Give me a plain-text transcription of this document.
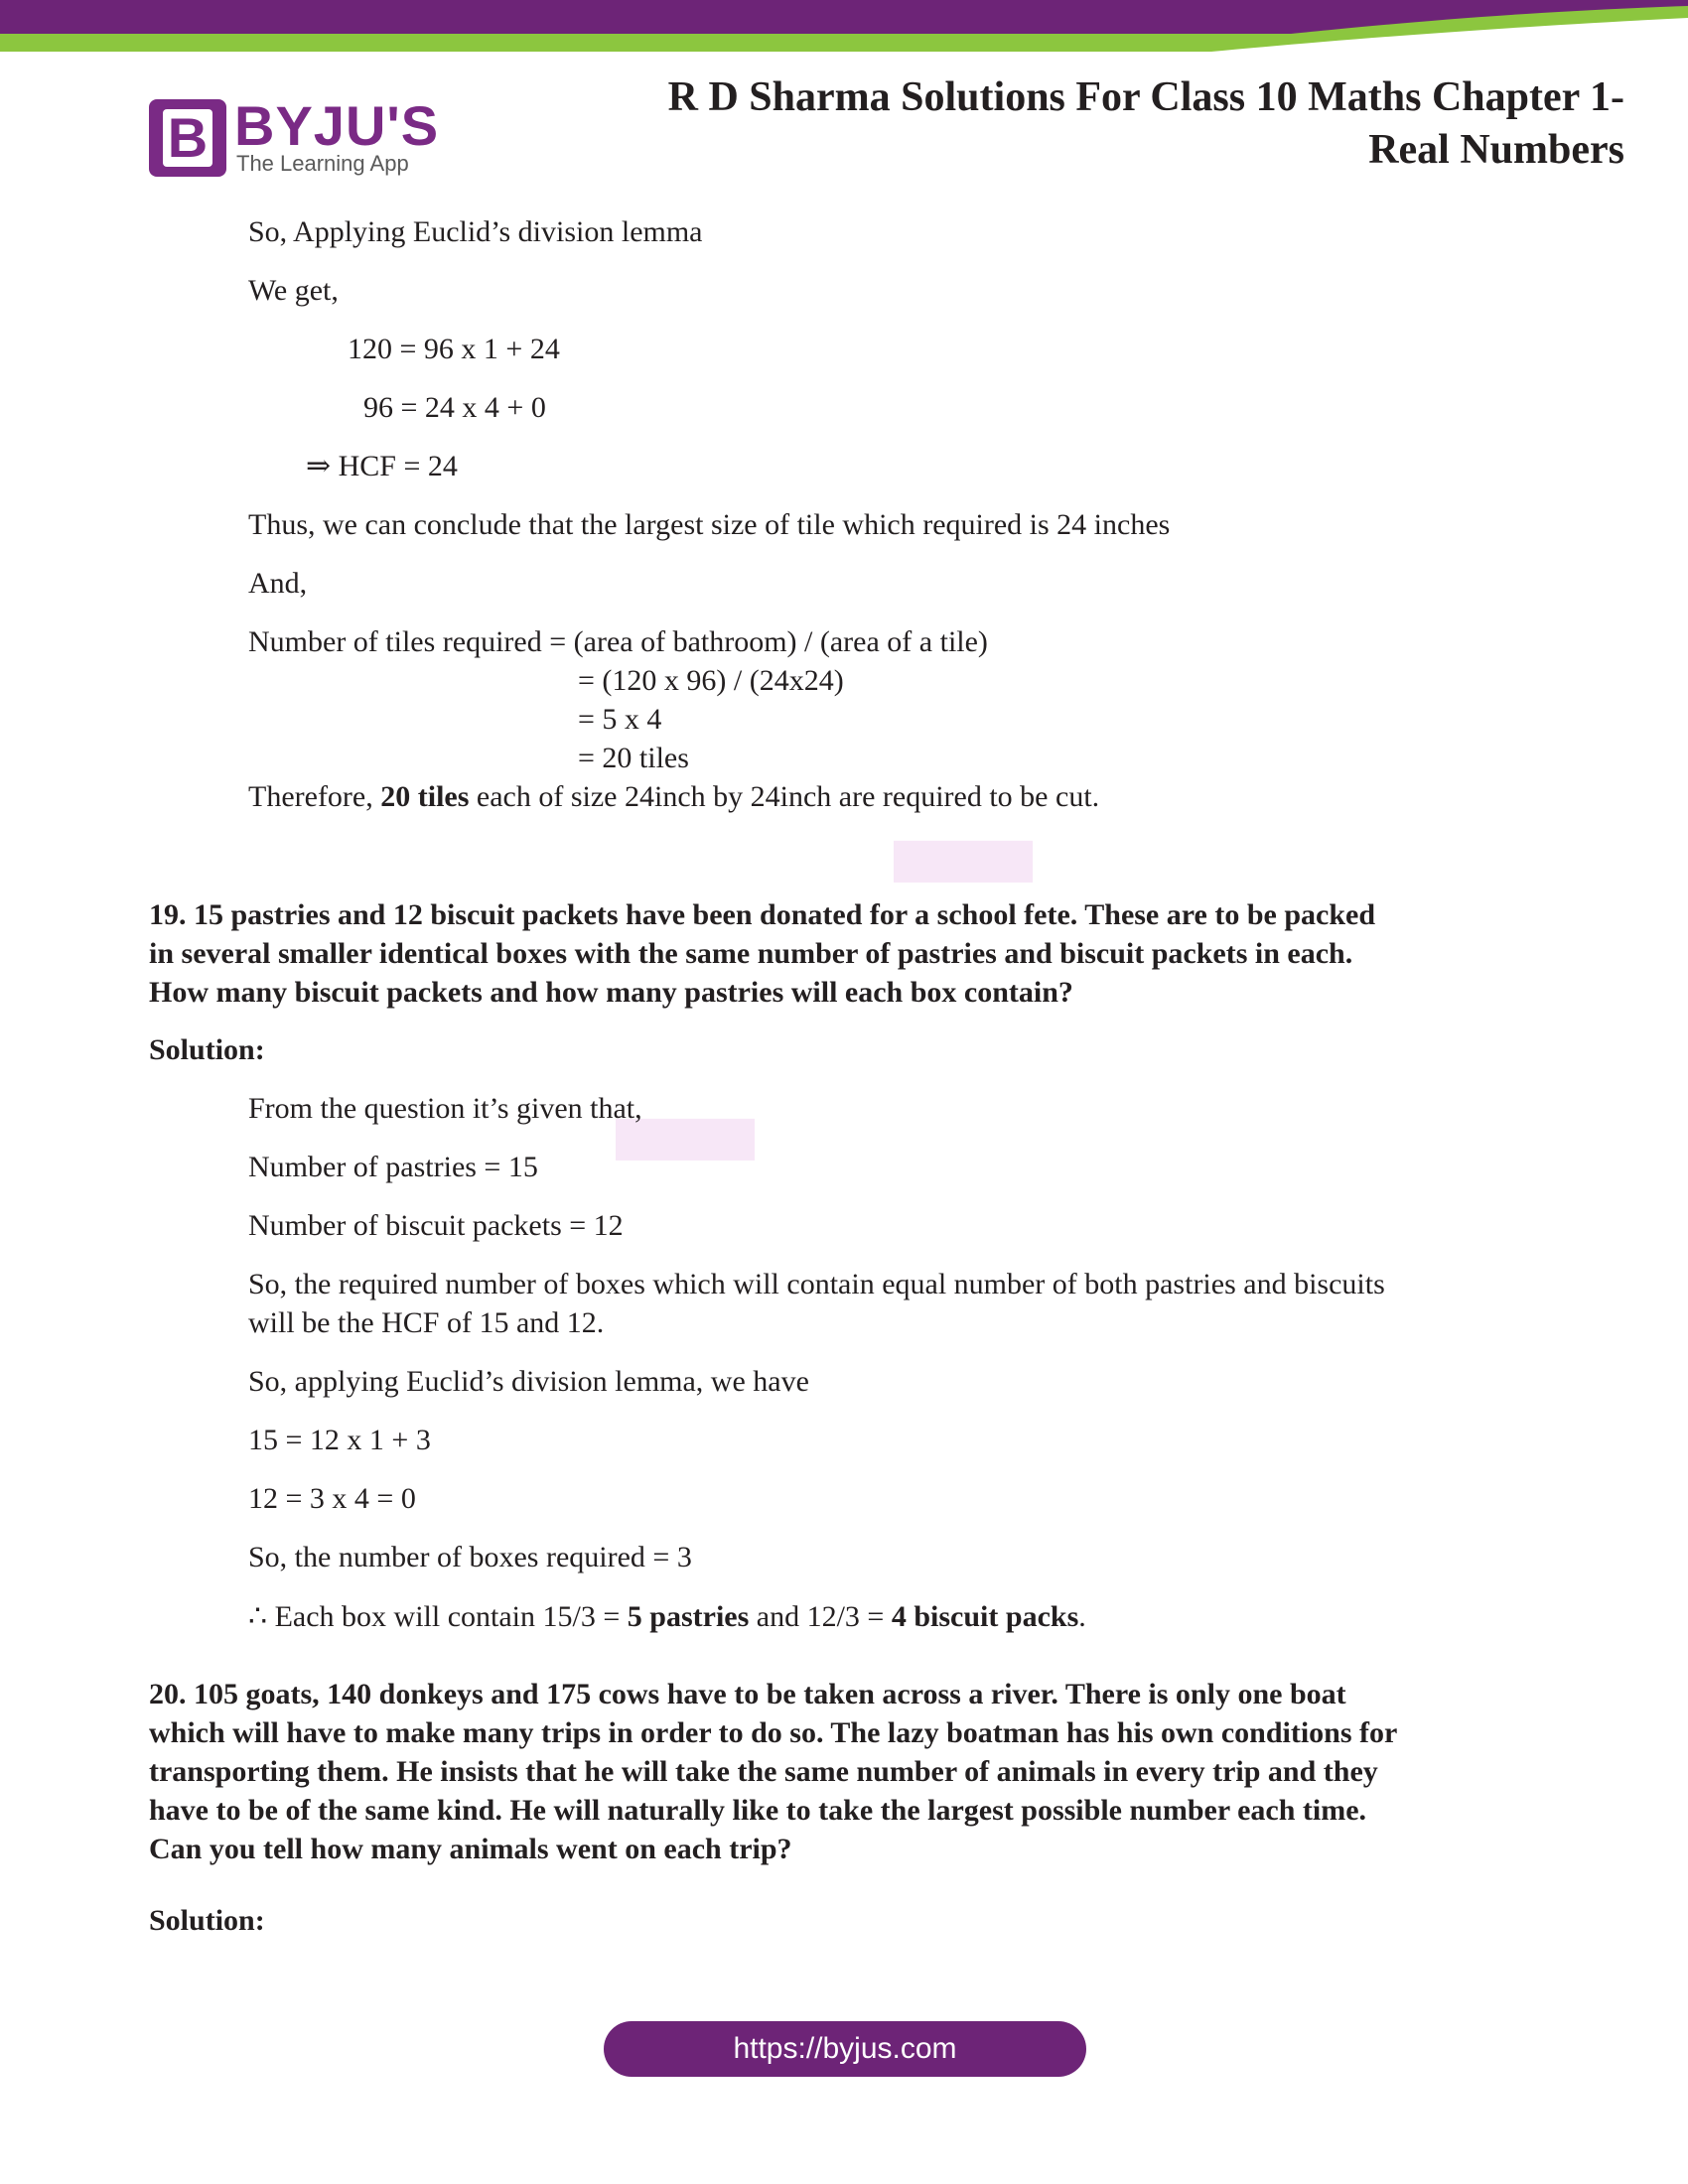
B BYJU'S
The Learning App
R D Sharma Solutions For Class 10 Maths Chapter 1-
Real Numbers
▬
▬

So, Applying Euclid’s division lemma

We get,

120 = 96 x 1 + 24

96 = 24 x 4 + 0

⇒ HCF = 24

Thus, we can conclude that the largest size of tile which required is 24 inches

And,

Number of tiles required = (area of bathroom) / (area of a tile)

= (120 x 96) / (24x24)

= 5 x 4

= 20 tiles

Therefore, 20 tiles each of size 24inch by 24inch are required to be cut.

19. 15 pastries and 12 biscuit packets have been donated for a school fete. These are to be packed

in several smaller identical boxes with the same number of pastries and biscuit packets in each.

How many biscuit packets and how many pastries will each box contain?

Solution:

From the question it’s given that,

Number of pastries = 15

Number of biscuit packets = 12

So, the required number of boxes which will contain equal number of both pastries and biscuits

will be the HCF of 15 and 12.

So, applying Euclid’s division lemma, we have

15 = 12 x 1 + 3

12 = 3 x 4 = 0

So, the number of boxes required = 3

∴ Each box will contain 15/3 = 5 pastries and 12/3 = 4 biscuit packs.

20. 105 goats, 140 donkeys and 175 cows have to be taken across a river. There is only one boat

which will have to make many trips in order to do so. The lazy boatman has his own conditions for

transporting them. He insists that he will take the same number of animals in every trip and they

have to be of the same kind. He will naturally like to take the largest possible number each time.

Can you tell how many animals went on each trip?

Solution:

https://byjus.com
